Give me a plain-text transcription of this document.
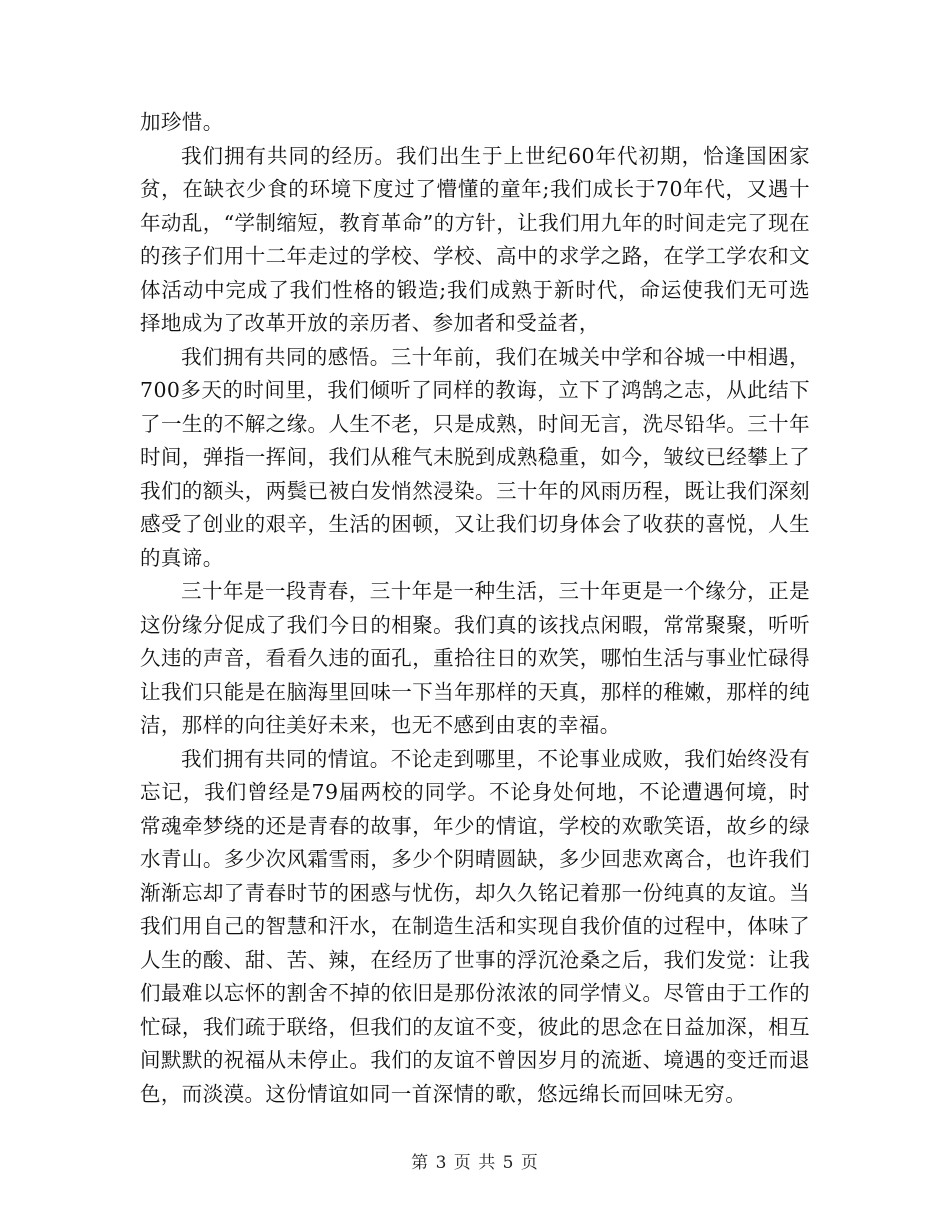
加珍惜。

我们拥有共同的经历。我们出生于上世纪60年代初期，恰逢国困家贫，在缺衣少食的环境下度过了懵懂的童年;我们成长于70年代，又遇十年动乱，“学制缩短，教育革命”的方针，让我们用九年的时间走完了现在的孩子们用十二年走过的学校、学校、高中的求学之路，在学工学农和文体活动中完成了我们性格的锻造;我们成熟于新时代，命运使我们无可选择地成为了改革开放的亲历者、参加者和受益者，

我们拥有共同的感悟。三十年前，我们在城关中学和谷城一中相遇，700多天的时间里，我们倾听了同样的教诲，立下了鸿鹄之志，从此结下了一生的不解之缘。人生不老，只是成熟，时间无言，洗尽铅华。三十年时间，弹指一挥间，我们从稚气未脱到成熟稳重，如今，皱纹已经攀上了我们的额头，两鬓已被白发悄然浸染。三十年的风雨历程，既让我们深刻感受了创业的艰辛，生活的困顿，又让我们切身体会了收获的喜悦，人生的真谛。

三十年是一段青春，三十年是一种生活，三十年更是一个缘分，正是这份缘分促成了我们今日的相聚。我们真的该找点闲暇，常常聚聚，听听久违的声音，看看久违的面孔，重拾往日的欢笑，哪怕生活与事业忙碌得让我们只能是在脑海里回味一下当年那样的天真，那样的稚嫩，那样的纯洁，那样的向往美好未来，也无不感到由衷的幸福。

我们拥有共同的情谊。不论走到哪里，不论事业成败，我们始终没有忘记，我们曾经是79届两校的同学。不论身处何地，不论遭遇何境，时常魂牵梦绕的还是青春的故事，年少的情谊，学校的欢歌笑语，故乡的绿水青山。多少次风霜雪雨，多少个阴晴圆缺，多少回悲欢离合，也许我们渐渐忘却了青春时节的困惑与忧伤，却久久铭记着那一份纯真的友谊。当我们用自己的智慧和汗水，在制造生活和实现自我价值的过程中，体味了人生的酸、甜、苦、辣，在经历了世事的浮沉沧桑之后，我们发觉：让我们最难以忘怀的割舍不掉的依旧是那份浓浓的同学情义。尽管由于工作的忙碌，我们疏于联络，但我们的友谊不变，彼此的思念在日益加深，相互间默默的祝福从未停止。我们的友谊不曾因岁月的流逝、境遇的变迁而退色，而淡漠。这份情谊如同一首深情的歌，悠远绵长而回味无穷。

第 3 页 共 5 页
